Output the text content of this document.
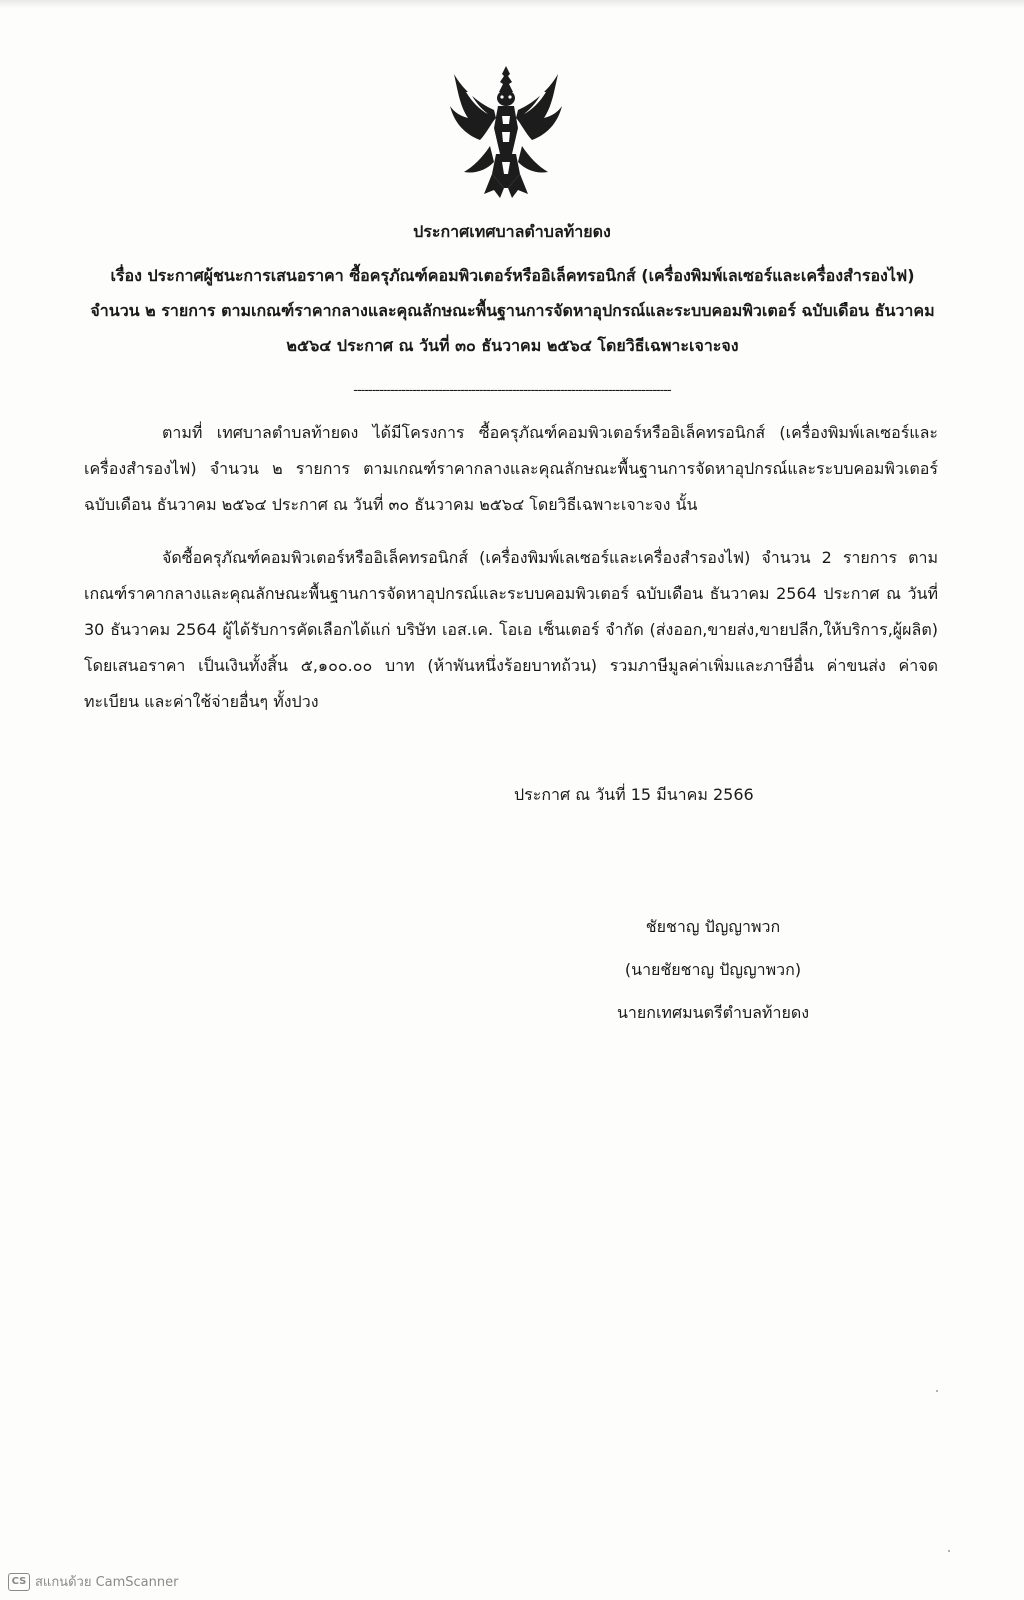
ประกาศเทศบาลตำบลท้ายดง

เรื่อง ประกาศผู้ชนะการเสนอราคา ซื้อครุภัณฑ์คอมพิวเตอร์หรืออิเล็คทรอนิกส์ (เครื่องพิมพ์เลเซอร์และเครื่องสำรองไฟ) จำนวน ๒ รายการ ตามเกณฑ์ราคากลางและคุณลักษณะพื้นฐานการจัดหาอุปกรณ์และระบบคอมพิวเตอร์ ฉบับเดือน ธันวาคม ๒๕๖๔ ประกาศ ณ วันที่ ๓๐ ธันวาคม ๒๕๖๔ โดยวิธีเฉพาะเจาะจง

--------------------------------------------------------------------------------------

ตามที่ เทศบาลตำบลท้ายดง ได้มีโครงการ ซื้อครุภัณฑ์คอมพิวเตอร์หรืออิเล็คทรอนิกส์ (เครื่องพิมพ์เลเซอร์และเครื่องสำรองไฟ) จำนวน ๒ รายการ ตามเกณฑ์ราคากลางและคุณลักษณะพื้นฐานการจัดหาอุปกรณ์และระบบคอมพิวเตอร์ ฉบับเดือน ธันวาคม ๒๕๖๔ ประกาศ ณ วันที่ ๓๐ ธันวาคม ๒๕๖๔ โดยวิธีเฉพาะเจาะจง นั้น

จัดซื้อครุภัณฑ์คอมพิวเตอร์หรืออิเล็คทรอนิกส์ (เครื่องพิมพ์เลเซอร์และเครื่องสำรองไฟ) จำนวน 2 รายการ ตามเกณฑ์ราคากลางและคุณลักษณะพื้นฐานการจัดหาอุปกรณ์และระบบคอมพิวเตอร์ ฉบับเดือน ธันวาคม 2564 ประกาศ ณ วันที่ 30 ธันวาคม 2564 ผู้ได้รับการคัดเลือกได้แก่ บริษัท เอส.เค. โอเอ เซ็นเตอร์ จำกัด (ส่งออก,ขายส่ง,ขายปลีก,ให้บริการ,ผู้ผลิต) โดยเสนอราคา เป็นเงินทั้งสิ้น ๕,๑๐๐.๐๐ บาท (ห้าพันหนึ่งร้อยบาทถ้วน) รวมภาษีมูลค่าเพิ่มและภาษีอื่น ค่าขนส่ง ค่าจดทะเบียน และค่าใช้จ่ายอื่นๆ ทั้งปวง

ประกาศ ณ วันที่ 15 มีนาคม 2566

ชัยชาญ ปัญญาพวก
(นายชัยชาญ ปัญญาพวก)
นายกเทศมนตรีตำบลท้ายดง
CS สแกนด้วย CamScanner
